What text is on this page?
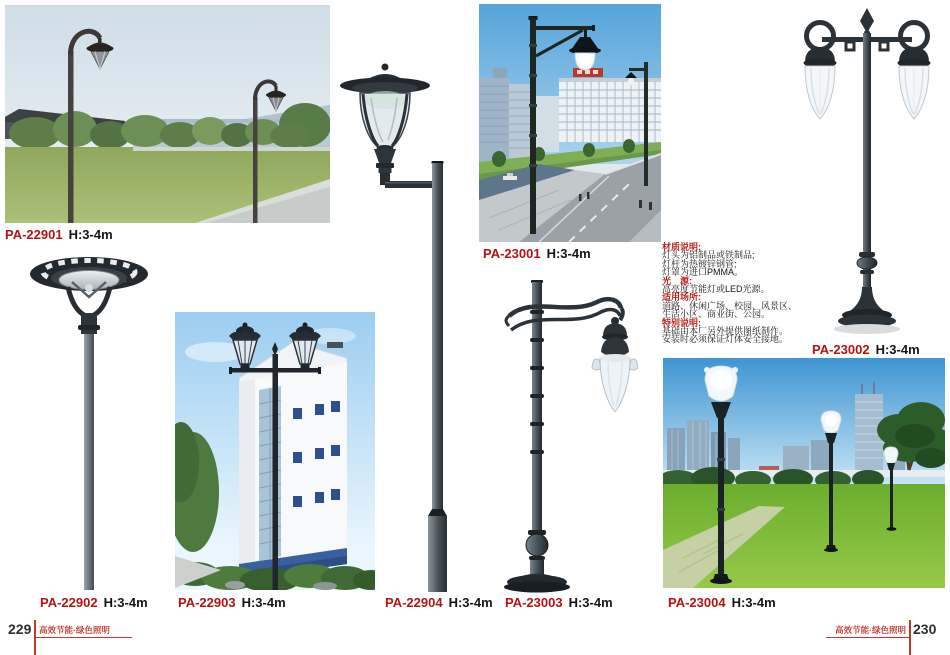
PA-22901 H:3-4m
PA-22902 H:3-4m PA-22903 H:3-4m	PA-22904 H:3-4m
PA-23001 H:3-4m	材质说明:
灯头为铝制品或铁制品;
灯杆为热镀锌钢管;
灯罩为进口PMMA。
光　源:
高亮度节能灯或LED光源。
适用场所:
道路、休闲广场、校园、风景区、
生活小区、商业街、公园。
特别说明:
基础由本厂另外提供图纸制作。
安装时必须保证灯体安全接地。
PA-23002 H:3-4m
PA-23003 H:3-4m	PA-23004 H:3-4m
229 高效节能·绿色照明	高效节能·绿色照明 230
